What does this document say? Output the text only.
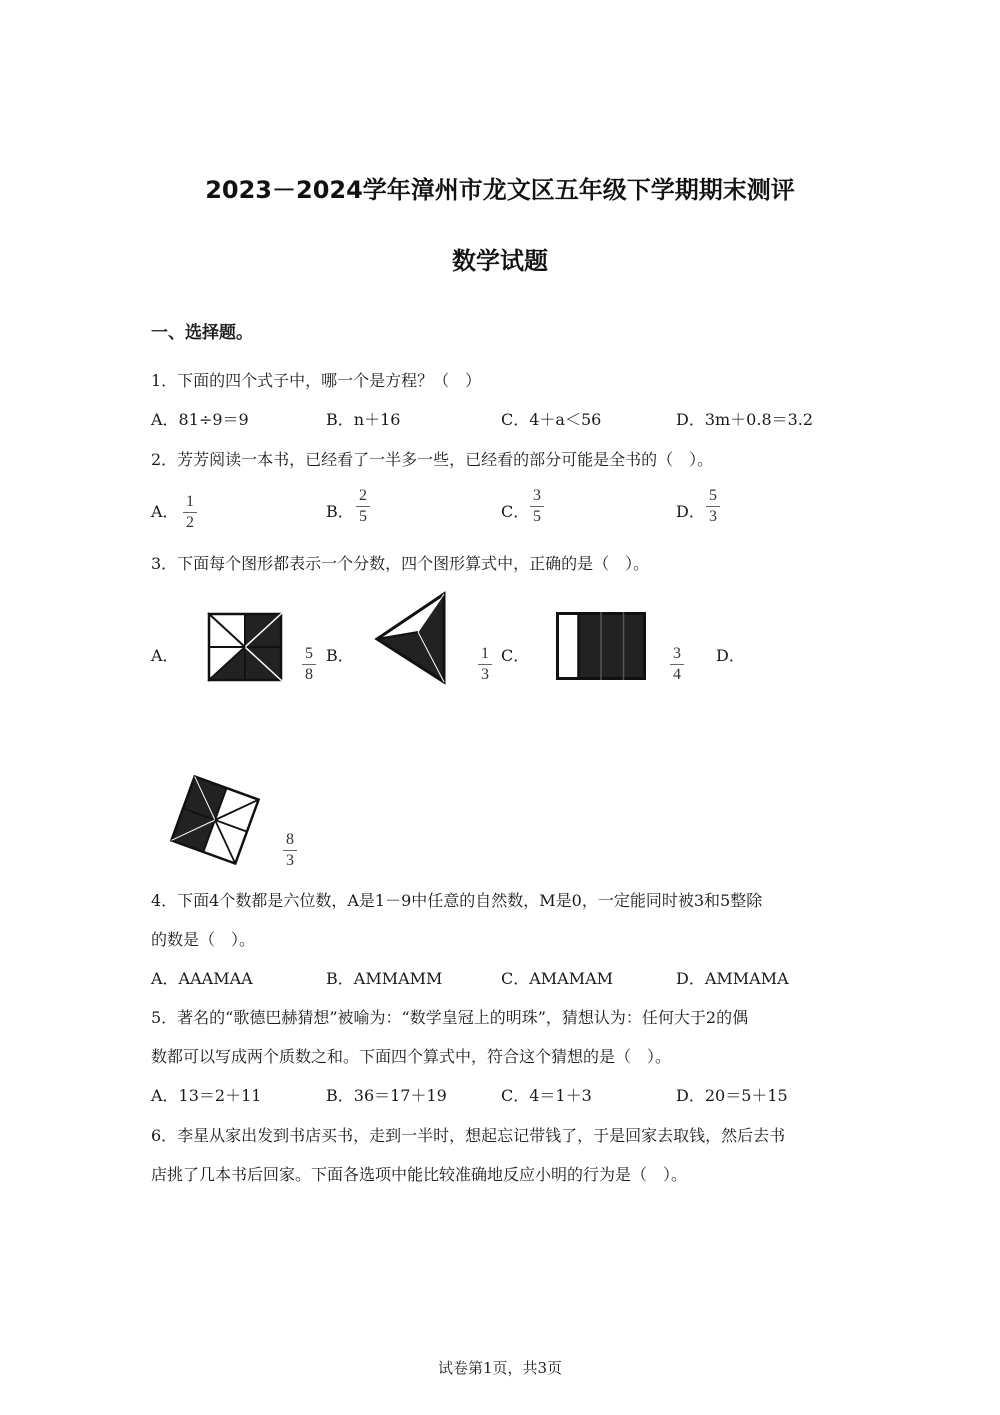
2023－2024学年漳州市龙文区五年级下学期期末测评
数学试题
一、选择题。
1．下面的四个式子中，哪一个是方程？（　）
A．81÷9＝9	B．n＋16	C．4＋a＜56	D．3m＋0.8＝3.2
2．芳芳阅读一本书，已经看了一半多一些，已经看的部分可能是全书的（　）。
A．
1
2
B．
2
5	C．
3
5	D．
5
3
3．下面每个图形都表示一个分数，四个图形算式中，正确的是（　）。
A．	5
8
B．	1
3
C．	3
4
D．
8
3
4．下面4个数都是六位数，A是1－9中任意的自然数，M是0，一定能同时被3和5整除
的数是（　）。
A．AAAMAA	B．AMMAMM	C．AMAMAM	D．AMMAMA
5．著名的“歌德巴赫猜想”被喻为：“数学皇冠上的明珠”，猜想认为：任何大于2的偶
数都可以写成两个质数之和。下面四个算式中，符合这个猜想的是（　）。
A．13＝2＋11	B．36＝17＋19	C．4＝1＋3	D．20＝5＋15
6．李星从家出发到书店买书，走到一半时，想起忘记带钱了，于是回家去取钱，然后去书
店挑了几本书后回家。下面各选项中能比较准确地反应小明的行为是（　）。
试卷第1页，共3页
